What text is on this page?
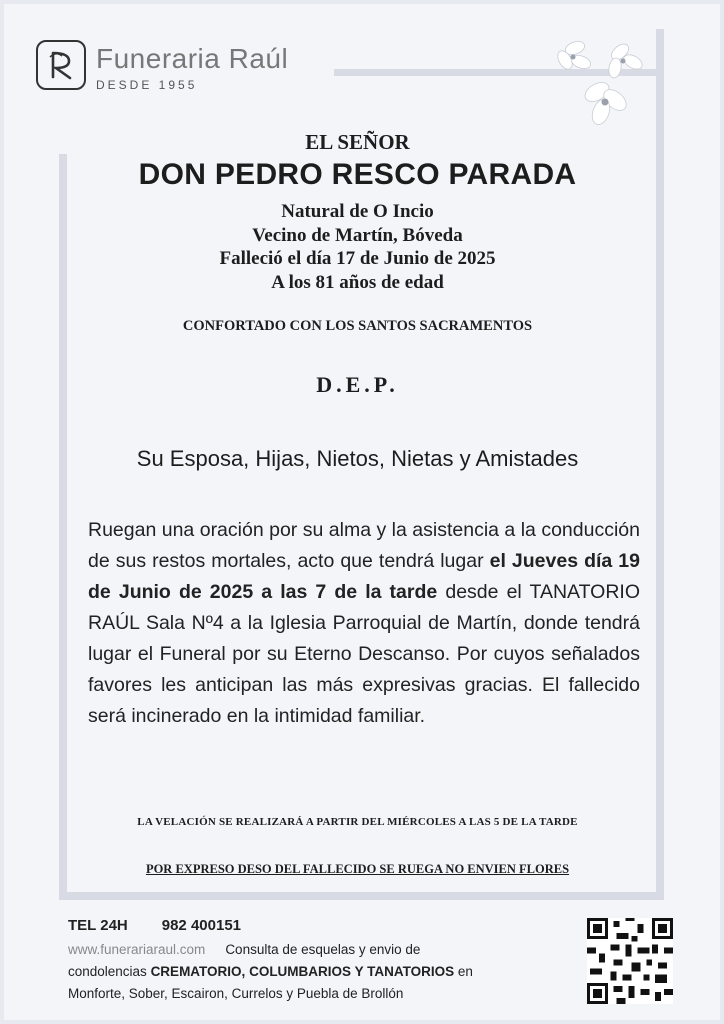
Funeraria Raúl
DESDE 1955
EL SEÑOR
DON PEDRO RESCO PARADA
Natural de O Incio
Vecino de Martín, Bóveda
Falleció el día 17 de Junio de 2025
A los 81 años de edad
CONFORTADO CON LOS SANTOS SACRAMENTOS
D.E.P.
Su Esposa, Hijas, Nietos, Nietas y Amistades
Ruegan una oración por su alma y la asistencia a la conducción de sus restos mortales, acto que tendrá lugar el Jueves día 19 de Junio de 2025 a las 7 de la tarde desde el TANATORIO RAÚL Sala Nº4 a la Iglesia Parroquial de Martín, donde tendrá lugar el Funeral por su Eterno Descanso. Por cuyos señalados favores les anticipan las más expresivas gracias. El fallecido será incinerado en la intimidad familiar.
LA VELACIÓN SE REALIZARÁ A PARTIR DEL MIÉRCOLES A LAS 5 DE LA TARDE
POR EXPRESO DESO DEL FALLECIDO SE RUEGA NO ENVIEN FLORES
TEL 24H 982 400151
www.funerariaraul.com Consulta de esquelas y envio de
condolencias CREMATORIO, COLUMBARIOS Y TANATORIOS en
Monforte, Sober, Escairon, Currelos y Puebla de Brollón
